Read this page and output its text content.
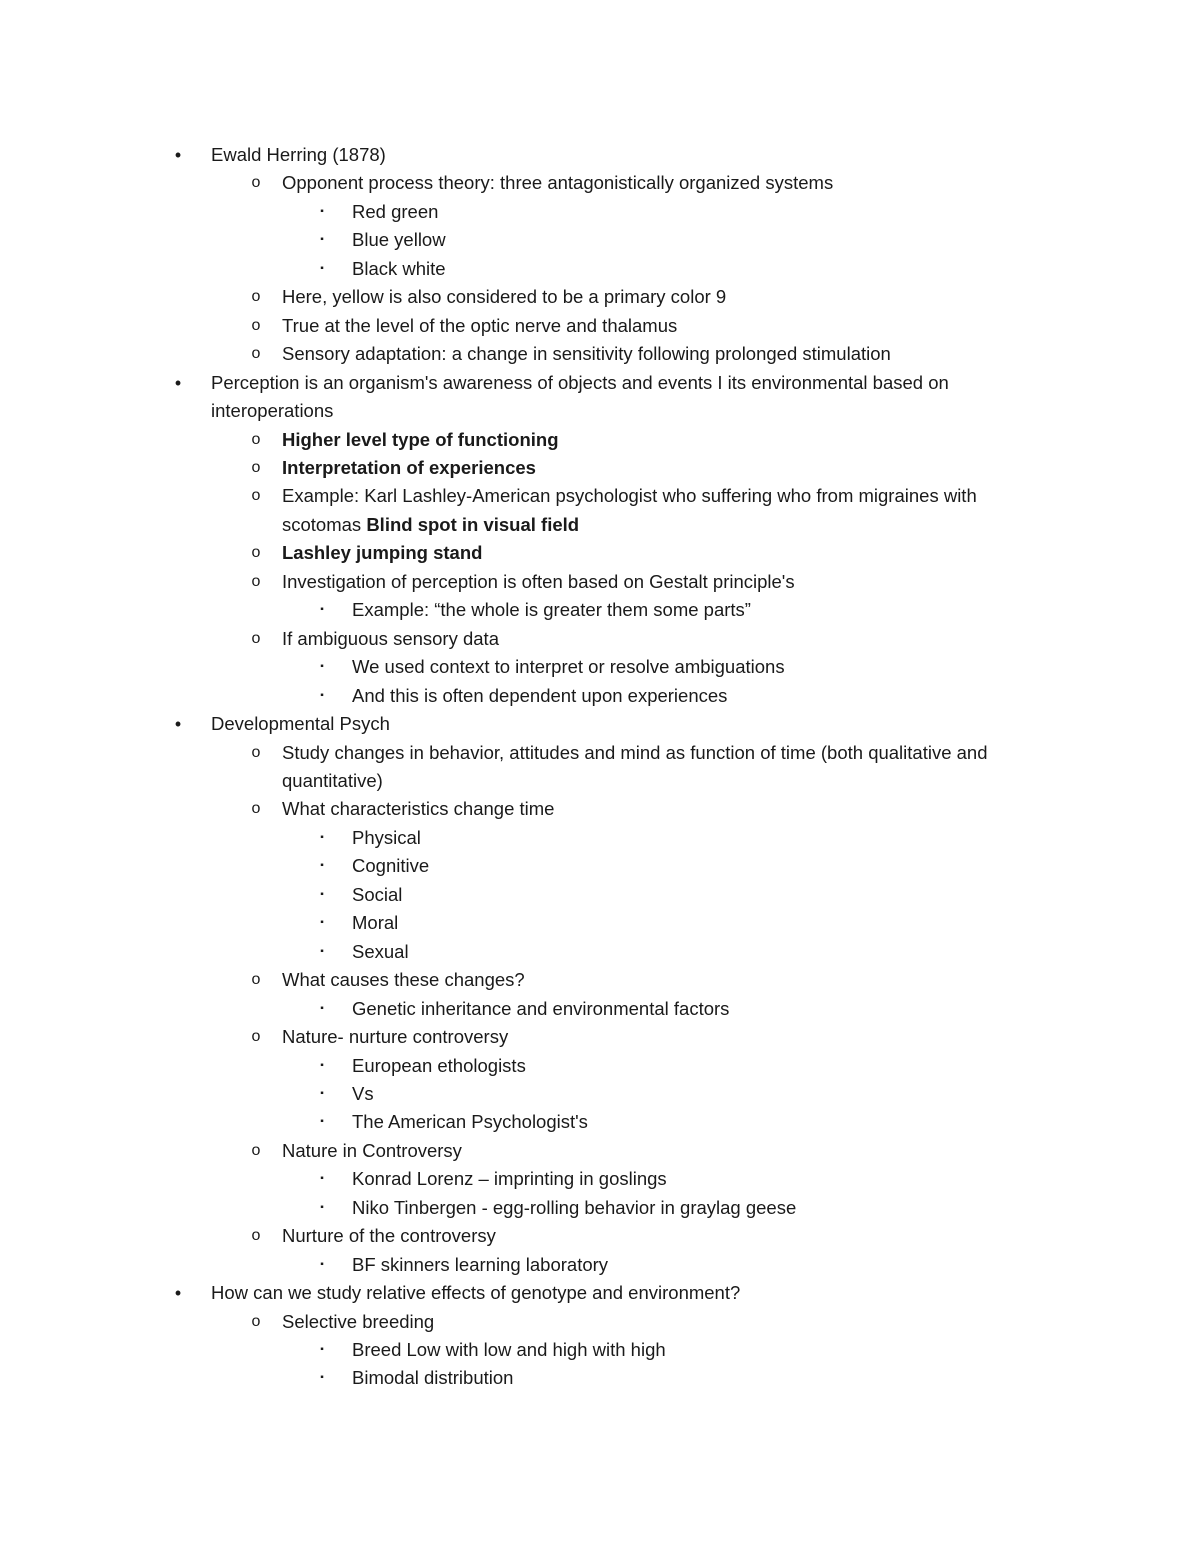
•	Ewald Herring (1878)
o Opponent process theory: three antagonistically organized systems
▪	Red green
▪	Blue yellow
▪	Black white
o Here, yellow is also considered to be a primary color 9
o True at the level of the optic nerve and thalamus
o Sensory adaptation: a change in sensitivity following prolonged stimulation
•	Perception is an organism's awareness of objects and events I its environmental based on
interoperations
o Higher level type of functioning
o Interpretation of experiences
o Example: Karl Lashley-American psychologist who suffering who from migraines with
scotomas Blind spot in visual field
o Lashley jumping stand
o Investigation of perception is often based on Gestalt principle's
▪	Example: “the whole is greater them some parts”
o If ambiguous sensory data
▪	We used context to interpret or resolve ambiguations
▪	And this is often dependent upon experiences
•	Developmental Psych
o Study changes in behavior, attitudes and mind as function of time (both qualitative and
quantitative)
o What characteristics change time
▪	Physical
▪	Cognitive
▪	Social
▪	Moral
▪	Sexual
o What causes these changes?
▪	Genetic inheritance and environmental factors
o Nature- nurture controversy
▪	European ethologists
▪	Vs
▪	The American Psychologist's
o Nature in Controversy
▪	Konrad Lorenz – imprinting in goslings
▪	Niko Tinbergen - egg-rolling behavior in graylag geese
o Nurture of the controversy
▪	BF skinners learning laboratory
•	How can we study relative effects of genotype and environment?
o Selective breeding
▪	Breed Low with low and high with high
▪	Bimodal distribution
